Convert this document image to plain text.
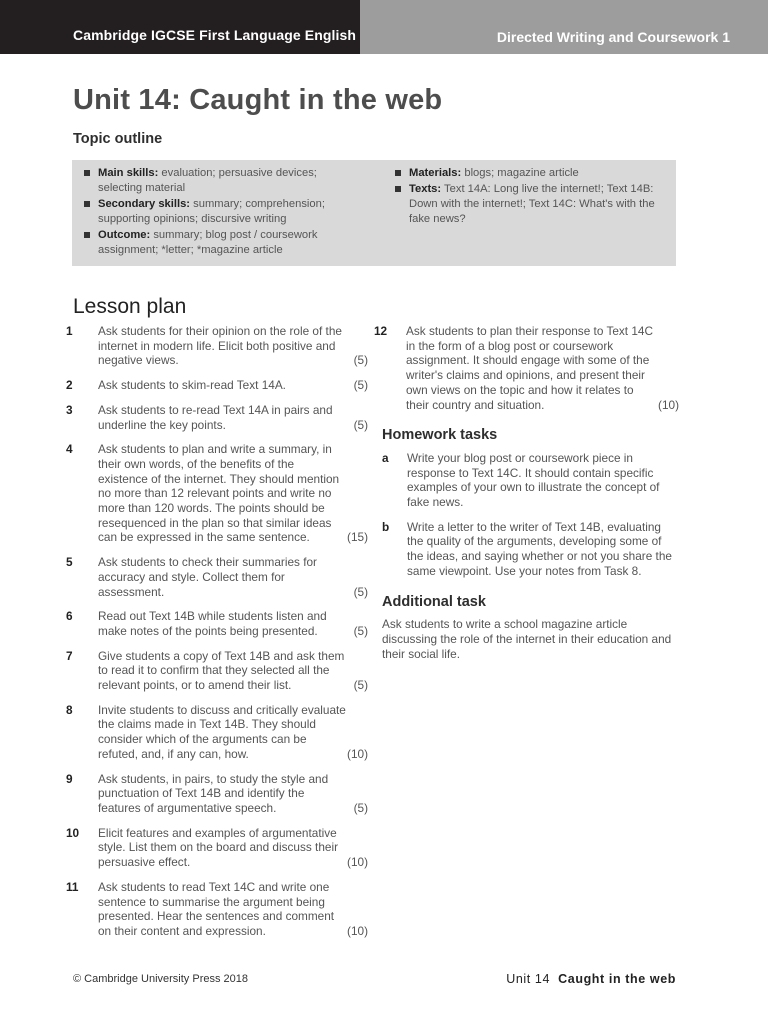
Cambridge IGCSE First Language English	Directed Writing and Coursework 1
Unit 14: Caught in the web
Topic outline
Main skills: evaluation; persuasive devices; selecting material
Secondary skills: summary; comprehension; supporting opinions; discursive writing
Outcome: summary; blog post / coursework assignment; *letter; *magazine article
Materials: blogs; magazine article
Texts: Text 14A: Long live the internet!; Text 14B: Down with the internet!; Text 14C: What's with the fake news?
Lesson plan
1	Ask students for their opinion on the role of the internet in modern life. Elicit both positive and negative views.	(5)
2	Ask students to skim-read Text 14A.	(5)
3	Ask students to re-read Text 14A in pairs and underline the key points.	(5)
4	Ask students to plan and write a summary, in their own words, of the benefits of the existence of the internet. They should mention no more than 12 relevant points and write no more than 120 words. The points should be resequenced in the plan so that similar ideas can be expressed in the same sentence.	(15)
5	Ask students to check their summaries for accuracy and style. Collect them for assessment.	(5)
6	Read out Text 14B while students listen and make notes of the points being presented.	(5)
7	Give students a copy of Text 14B and ask them to read it to confirm that they selected all the relevant points, or to amend their list.	(5)
8	Invite students to discuss and critically evaluate the claims made in Text 14B. They should consider which of the arguments can be refuted, and, if any can, how.	(10)
9	Ask students, in pairs, to study the style and punctuation of Text 14B and identify the features of argumentative speech.	(5)
10 Elicit features and examples of argumentative style. List them on the board and discuss their persuasive effect.	(10)
11 Ask students to read Text 14C and write one sentence to summarise the argument being presented. Hear the sentences and comment on their content and expression.	(10)
12 Ask students to plan their response to Text 14C in the form of a blog post or coursework assignment. It should engage with some of the writer's claims and opinions, and present their own views on the topic and how it relates to their country and situation.	(10)
Homework tasks
a Write your blog post or coursework piece in response to Text 14C. It should contain specific examples of your own to illustrate the concept of fake news.
b Write a letter to the writer of Text 14B, evaluating the quality of the arguments, developing some of the ideas, and saying whether or not you share the same viewpoint. Use your notes from Task 8.
Additional task
Ask students to write a school magazine article discussing the role of the internet in their education and their social life.
© Cambridge University Press 2018	Unit 14 Caught in the web
